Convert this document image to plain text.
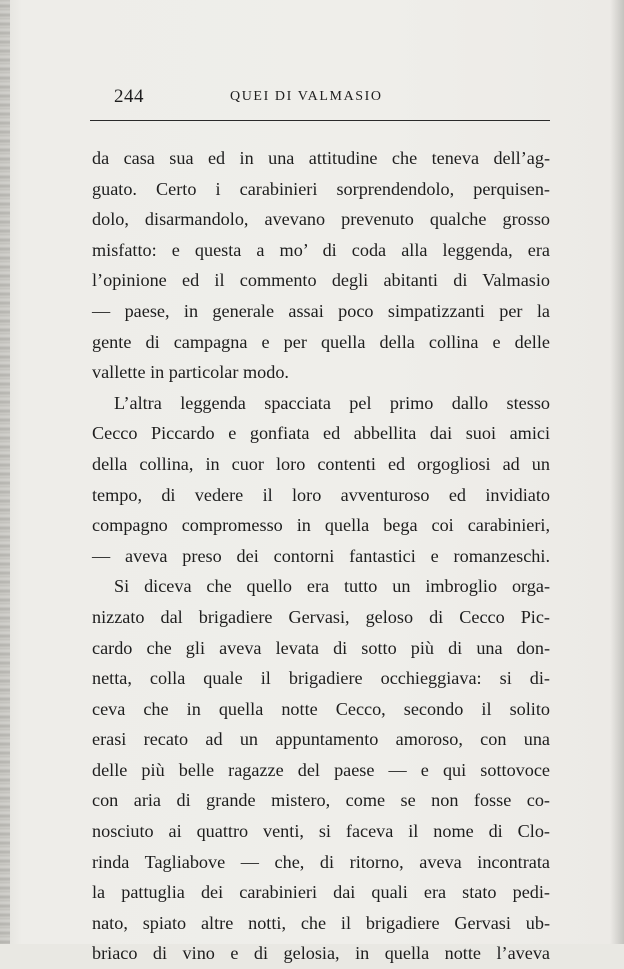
244	QUEI DI VALMASIO
da casa sua ed in una attitudine che teneva dell’ag-
guato. Certo i carabinieri sorprendendolo, perquisen-
dolo, disarmandolo, avevano prevenuto qualche grosso
misfatto: e questa a mo’ di coda alla leggenda, era
l’opinione ed il commento degli abitanti di Valmasio
— paese, in generale assai poco simpatizzanti per la
gente di campagna e per quella della collina e delle
vallette in particolar modo.
L’altra leggenda spacciata pel primo dallo stesso
Cecco Piccardo e gonfiata ed abbellita dai suoi amici
della collina, in cuor loro contenti ed orgogliosi ad un
tempo, di vedere il loro avventuroso ed invidiato
compagno compromesso in quella bega coi carabinieri,
— aveva preso dei contorni fantastici e romanzeschi.
Si diceva che quello era tutto un imbroglio orga-
nizzato dal brigadiere Gervasi, geloso di Cecco Pic-
cardo che gli aveva levata di sotto più di una don-
netta, colla quale il brigadiere occhieggiava: si di-
ceva che in quella notte Cecco, secondo il solito
erasi recato ad un appuntamento amoroso, con una
delle più belle ragazze del paese — e qui sottovoce
con aria di grande mistero, come se non fosse co-
nosciuto ai quattro venti, si faceva il nome di Clo-
rinda Tagliabove — che, di ritorno, aveva incontrata
la pattuglia dei carabinieri dai quali era stato pedi-
nato, spiato altre notti, che il brigadiere Gervasi ub-
briaco di vino e di gelosia, in quella notte l’aveva
